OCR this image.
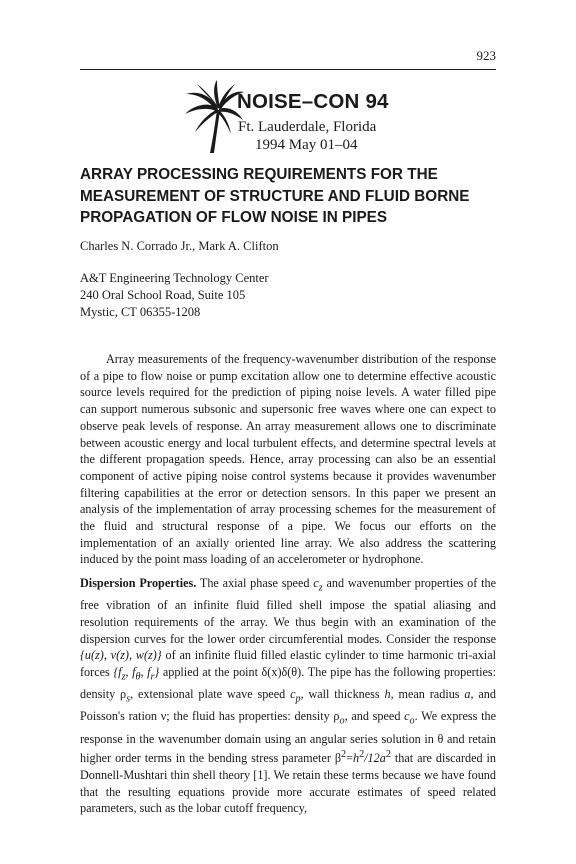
923
NOISE–CON 94
Ft. Lauderdale, Florida
1994 May 01–04
ARRAY PROCESSING REQUIREMENTS FOR THE
MEASUREMENT OF STRUCTURE AND FLUID BORNE
PROPAGATION OF FLOW NOISE IN PIPES
Charles N. Corrado Jr., Mark A. Clifton
A&T Engineering Technology Center
240 Oral School Road, Suite 105
Mystic, CT 06355-1208

Array measurements of the frequency-wavenumber distribution of the response of a pipe to flow noise or pump excitation allow one to determine effective acoustic source levels required for the prediction of piping noise levels. A water filled pipe can support numerous subsonic and supersonic free waves where one can expect to observe peak levels of response. An array measurement allows one to discriminate between acoustic energy and local turbulent effects, and determine spectral levels at the different propagation speeds. Hence, array processing can also be an essential component of active piping noise control systems because it provides wavenumber filtering capabilities at the error or detection sensors. In this paper we present an analysis of the implementation of array processing schemes for the measurement of the fluid and structural response of a pipe. We focus our efforts on the implementation of an axially oriented line array. We also address the scattering induced by the point mass loading of an accelerometer or hydrophone.

Dispersion Properties. The axial phase speed $c_z$ and wavenumber properties of the free vibration of an infinite fluid filled shell impose the spatial aliasing and resolution requirements of the array. We thus begin with an examination of the dispersion curves for the lower order circumferential modes. Consider the response {u(z), v(z), w(z)} of an infinite fluid filled elastic cylinder to time harmonic tri-axial forces {$f_z$, $f_\theta$, $f_r$} applied at the point δ(x)δ(θ). The pipe has the following properties: density $\rho_s$, extensional plate wave speed $c_p$, wall thickness h, mean radius a, and Poisson's ration ν; the fluid has properties: density $\rho_o$, and speed $c_o$. We express the response in the wavenumber domain using an angular series solution in θ and retain higher order terms in the bending stress parameter $\beta^2=h^2/12a^2$ that are discarded in Donnell-Mushtari thin shell theory [1]. We retain these terms because we have found that the resulting equations provide more accurate estimates of speed related parameters, such as the lobar cutoff frequency,
